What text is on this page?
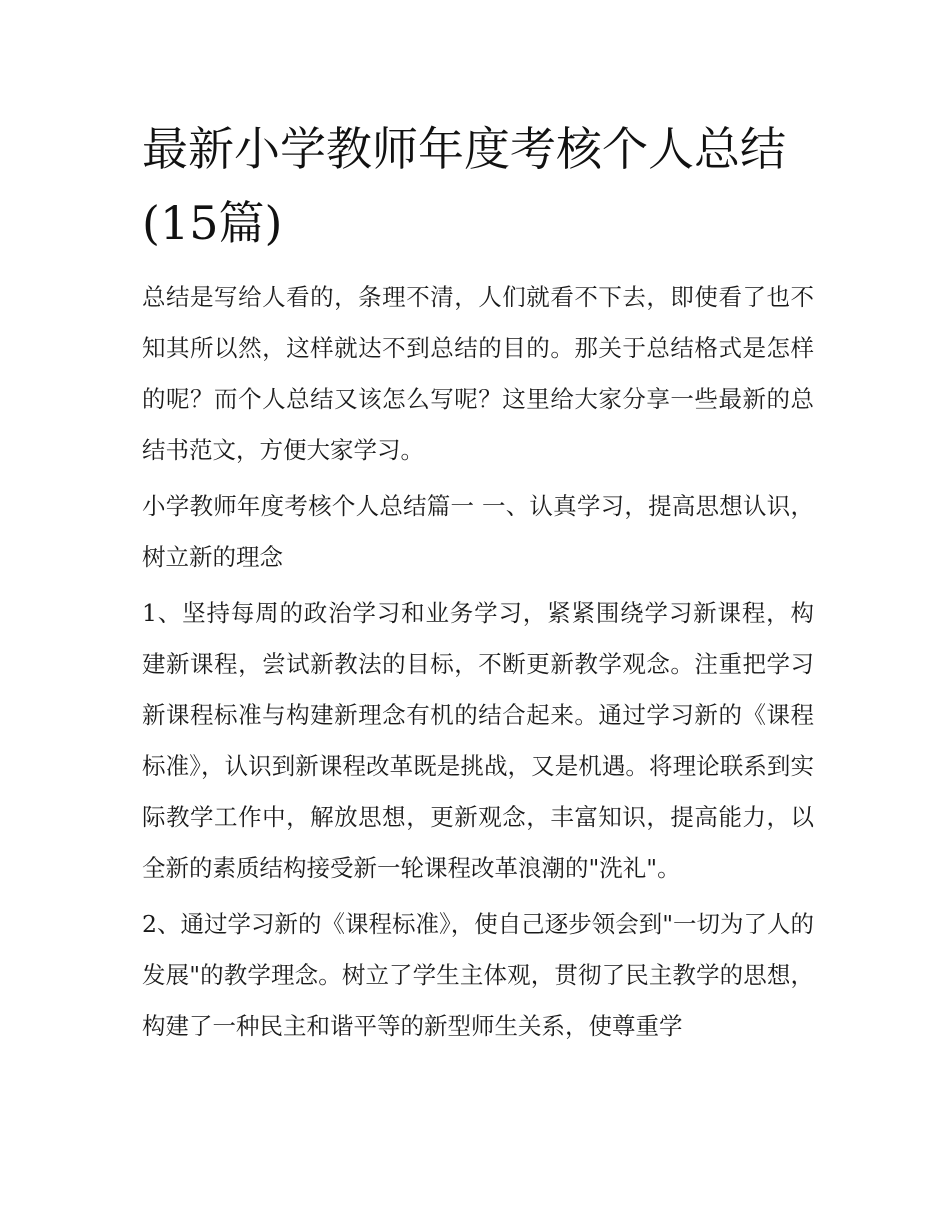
最新小学教师年度考核个人总结(15篇)

总结是写给人看的，条理不清，人们就看不下去，即使看了也不知其所以然，这样就达不到总结的目的。那关于总结格式是怎样的呢？而个人总结又该怎么写呢？这里给大家分享一些最新的总结书范文，方便大家学习。

小学教师年度考核个人总结篇一 一、认真学习，提高思想认识，树立新的理念

1、坚持每周的政治学习和业务学习，紧紧围绕学习新课程，构建新课程，尝试新教法的目标，不断更新教学观念。注重把学习新课程标准与构建新理念有机的结合起来。通过学习新的《课程标准》，认识到新课程改革既是挑战，又是机遇。将理论联系到实际教学工作中，解放思想，更新观念，丰富知识，提高能力，以全新的素质结构接受新一轮课程改革浪潮的"洗礼"。

2、通过学习新的《课程标准》，使自己逐步领会到"一切为了人的发展"的教学理念。树立了学生主体观，贯彻了民主教学的思想，构建了一种民主和谐平等的新型师生关系，使尊重学
